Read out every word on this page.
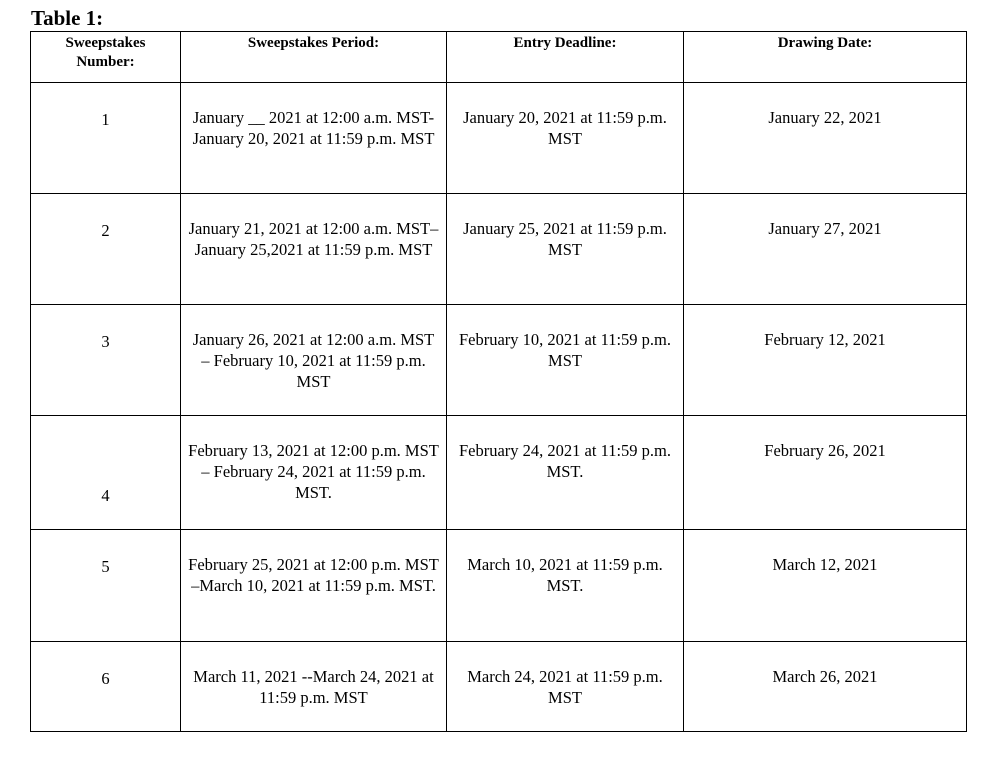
Table 1:
Sweepstakes Number:	Sweepstakes Period:	Entry Deadline:	Drawing Date:
1	January __ 2021 at 12:00 a.m. MST- January 20, 2021 at 11:59 p.m. MST	January 20, 2021 at 11:59 p.m. MST	January 22, 2021
2	January 21, 2021 at 12:00 a.m. MST– January 25,2021 at 11:59 p.m. MST	January 25, 2021 at 11:59 p.m. MST	January 27, 2021
3	January 26, 2021 at 12:00 a.m. MST – February 10, 2021 at 11:59 p.m. MST	February 10, 2021 at 11:59 p.m. MST	February 12, 2021
4	February 13, 2021 at 12:00 p.m. MST – February 24, 2021 at 11:59 p.m. MST.	February 24, 2021 at 11:59 p.m. MST.	February 26, 2021
5	February 25, 2021 at 12:00 p.m. MST –March 10, 2021 at 11:59 p.m. MST.	March 10, 2021 at 11:59 p.m. MST.	March 12, 2021
6	March 11, 2021 --March 24, 2021 at 11:59 p.m. MST	March 24, 2021 at 11:59 p.m. MST	March 26, 2021
